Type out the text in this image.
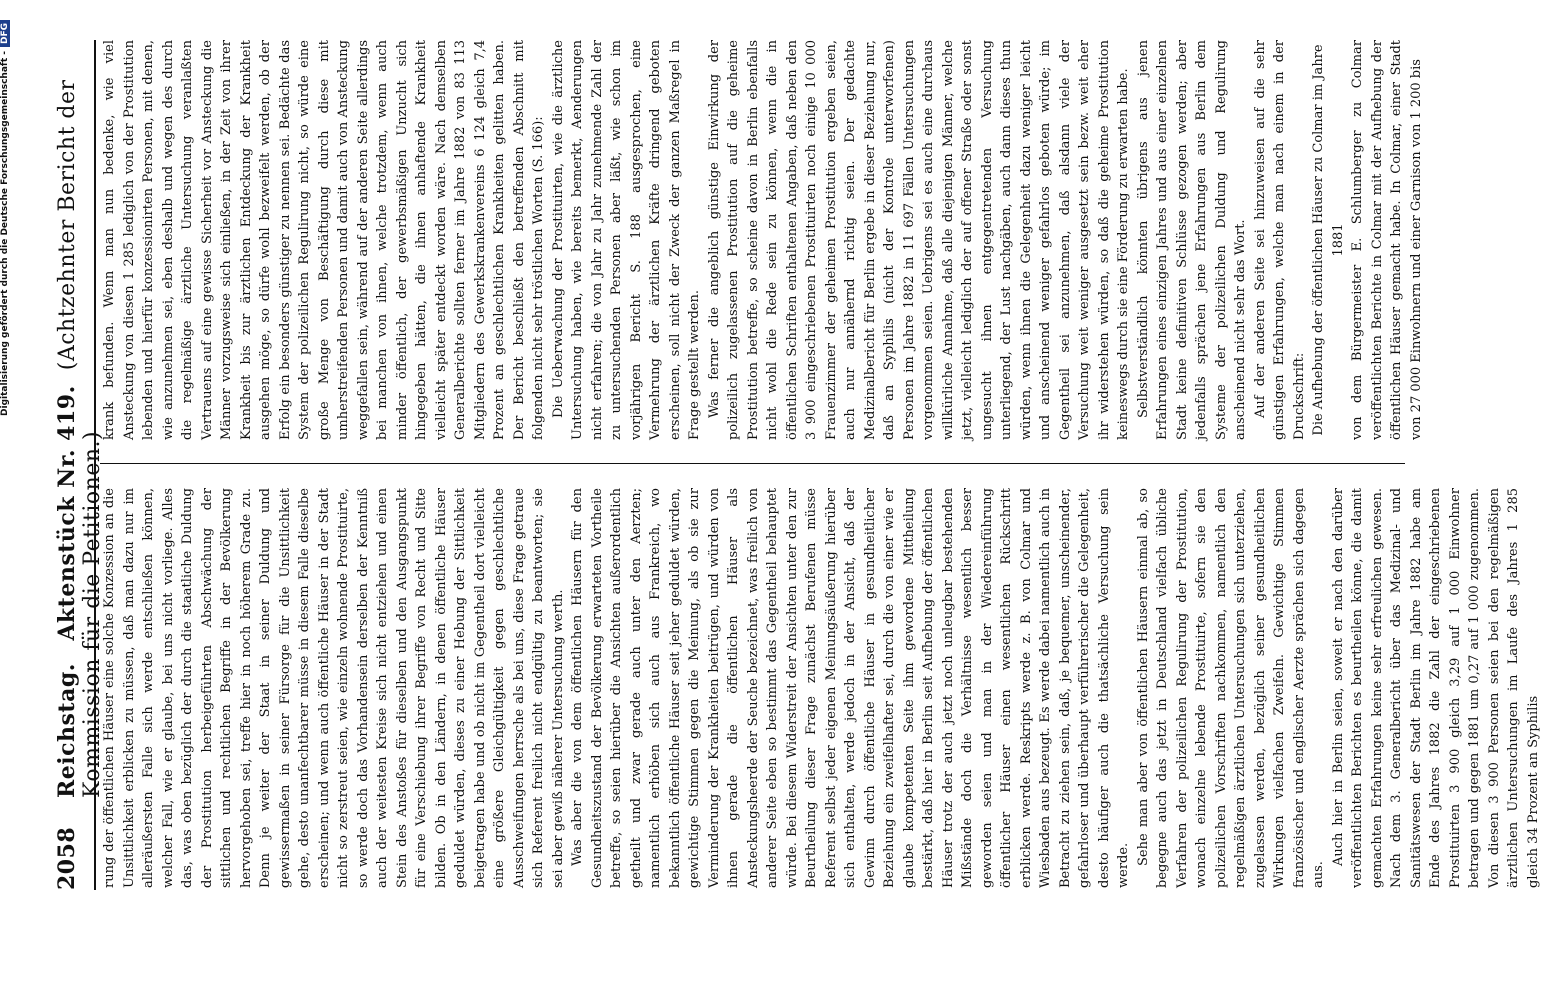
Digitalisierung gefördert durch die Deutsche Forschungsgemeinschaft -DFG
2058
Reichstag.   Aktenstück Nr. 419.  (Achtzehnter Bericht der Kommission für die Petitionen.)

rung der öffentlichen Häuser eine solche Konzession an die Unsittlichkeit erblicken zu müssen, daß man dazu nur im alleräußersten Falle sich werde entschließen können, welcher Fall, wie er glaube, bei uns nicht vorliege. Alles das, was oben bezüglich der durch die staatliche Duldung der Prostitution herbeigeführten Abschwächung der sittlichen und rechtlichen Begriffe in der Bevölkerung hervorgehoben sei, treffe hier in noch höherem Grade zu. Denn je weiter der Staat in seiner Duldung und gewissermaßen in seiner Fürsorge für die Unsittlichkeit gehe, desto unanfechtbarer müsse in diesem Falle dieselbe erscheinen; und wenn auch öffentliche Häuser in der Stadt nicht so zerstreut seien, wie einzeln wohnende Prostituirte, so werde doch das Vorhandensein derselben der Kenntniß auch der weitesten Kreise sich nicht entziehen und einen Stein des Anstoßes für dieselben und den Ausgangspunkt für eine Verschiebung ihrer Begriffe von Recht und Sitte bilden. Ob in den Ländern, in denen öffentliche Häuser geduldet würden, dieses zu einer Hebung der Sittlichkeit beigetragen habe und ob nicht im Gegentheil dort vielleicht eine größere Gleichgültigkeit gegen geschlechtliche Ausschweifungen herrsche als bei uns, diese Frage getraue sich Referent freilich nicht endgültig zu beantworten; sie sei aber gewiß näherer Untersuchung werth. Was aber die von dem öffentlichen Häusern für den Gesundheitszustand der Bevölkerung erwarteten Vortheile betreffe, so seien hierüber die Ansichten außerordentlich getheilt und zwar gerade auch unter den Aerzten; namentlich erhöben sich auch aus Frankreich, wo bekanntlich öffentliche Häuser seit jeher geduldet würden, gewichtige Stimmen gegen die Meinung, als ob sie zur Verminderung der Krankheiten beitrügen, und würden von ihnen gerade die öffentlichen Häuser als Ansteckungsheerde der Seuche bezeichnet, was freilich von anderer Seite eben so bestimmt das Gegentheil behauptet würde. Bei diesem Widerstreit der Ansichten unter den zur Beurtheilung dieser Frage zunächst Berufenen müsse Referent selbst jeder eigenen Meinungsäußerung hierüber sich enthalten, werde jedoch in der Ansicht, daß der Gewinn durch öffentliche Häuser in gesundheitlicher Beziehung ein zweifelhafter sei, durch die von einer wie er glaube kompetenten Seite ihm gewordene Mittheilung bestärkt, daß hier in Berlin seit Aufhebung der öffentlichen Häuser trotz der auch jetzt noch unleugbar bestehenden Mißstände doch die Verhältnisse wesentlich besser geworden seien und man in der Wiedereinführung öffentlicher Häuser einen wesentlichen Rückschritt erblicken werde. Reskripts werde z. B. von Colmar und Wiesbaden aus bezeugt. Es werde dabei namentlich auch in Betracht zu ziehen sein, daß, je bequemer, unscheinender, gefahrloser und überhaupt verführerischer die Gelegenheit, desto häufiger auch die thatsächliche Versuchung sein werde. Sehe man aber von öffentlichen Häusern einmal ab, so begegne auch das jetzt in Deutschland vielfach übliche Verfahren der polizeilichen Regulirung der Prostitution, wonach einzelne lebende Prostituirte, sofern sie den polizeilichen Vorschriften nachkommen, namentlich den regelmäßigen ärztlichen Untersuchungen sich unterziehen, zugelassen werden, bezüglich seiner gesundheitlichen Wirkungen vielfachen Zweifeln. Gewichtige Stimmen französischer und englischer Aerzte sprächen sich dagegen aus.

Auch hier in Berlin seien, soweit er nach den darüber veröffentlichten Berichten es beurtheilen könne, die damit gemachten Erfahrungen keine sehr erfreulichen gewesen. Nach dem 3. Generalbericht über das Medizinal- und Sanitätswesen der Stadt Berlin im Jahre 1882 habe am Ende des Jahres 1882 die Zahl der eingeschriebenen Prostituirten 3 900 gleich 3,29 auf 1 000 Einwohner betragen und gegen 1881 um 0,27 auf 1 000 zugenommen. Von diesen 3 900 Personen seien bei den regelmäßigen ärztlichen Untersuchungen im Laufe des Jahres 1 285 gleich 34 Prozent an Syphilis

krank befunden. Wenn man nun bedenke, wie viel Ansteckung von diesen 1 285 lediglich von der Prostitution lebenden und hierfür konzessionirten Personen, mit denen, wie anzunehmen sei, eben deshalb und wegen des durch die regelmäßige ärztliche Untersuchung veranlaßten Vertrauens auf eine gewisse Sicherheit vor Ansteckung die Männer vorzugsweise sich einließen, in der Zeit von ihrer Krankheit bis zur ärztlichen Entdeckung der Krankheit ausgehen möge, so dürfe wohl bezweifelt werden, ob der Erfolg ein besonders günstiger zu nennen sei. Bedächte das System der polizeilichen Regulirung nicht, so würde eine große Menge von Beschäftigung durch diese mit umherstreifenden Personen und damit auch von Ansteckung weggefallen sein, während auf der anderen Seite allerdings bei manchen von ihnen, welche trotzdem, wenn auch minder öffentlich, der gewerbsmäßigen Unzucht sich hingegeben hätten, die ihnen anhaftende Krankheit vielleicht später entdeckt worden wäre. Nach demselben Generalberichte sollten ferner im Jahre 1882 von 83 113 Mitgliedern des Gewerkskrankenvereins 6 124 gleich 7,4 Prozent an geschlechtlichen Krankheiten gelitten haben. Der Bericht beschließt den betreffenden Abschnitt mit folgenden nicht sehr tröstlichen Worten (S. 166): Die Ueberwachung der Prostituirten, wie die ärztliche Untersuchung haben, wie bereits bemerkt, Aenderungen nicht erfahren; die von Jahr zu Jahr zunehmende Zahl der zu untersuchenden Personen aber läßt, wie schon im vorjährigen Bericht S. 188 ausgesprochen, eine Vermehrung der ärztlichen Kräfte dringend geboten erscheinen, soll nicht der Zweck der ganzen Maßregel in Frage gestellt werden. Was ferner die angeblich günstige Einwirkung der polizeilich zugelassenen Prostitution auf die geheime Prostitution betreffe, so scheine davon in Berlin ebenfalls nicht wohl die Rede sein zu können, wenn die in öffentlichen Schriften enthaltenen Angaben, daß neben den 3 900 eingeschriebenen Prostituirten noch einige 10 000 Frauenzimmer der geheimen Prostitution ergeben seien, auch nur annähernd richtig seien. Der gedachte Medizinalbericht für Berlin ergebe in dieser Beziehung nur, daß an Syphilis (nicht der Kontrole unterworfenen) Personen im Jahre 1882 in 11 697 Fällen Untersuchungen vorgenommen seien. Uebrigens sei es auch eine durchaus willkürliche Annahme, daß alle diejenigen Männer, welche jetzt, vielleicht lediglich der auf offener Straße oder sonst ungesucht ihnen entgegentretenden Versuchung unterliegend, der Lust nachgäben, auch dann dieses thun würden, wenn ihnen die Gelegenheit dazu weniger leicht und anscheinend weniger gefahrlos geboten würde; im Gegentheil sei anzunehmen, daß alsdann viele der Versuchung weit weniger ausgesetzt sein bezw. weit eher ihr widerstehen würden, so daß die geheime Prostitution keineswegs durch sie eine Förderung zu erwarten habe. Selbstverständlich könnten übrigens aus jenen Erfahrungen eines einzigen Jahres und aus einer einzelnen Stadt keine definitiven Schlüsse gezogen werden; aber jedenfalls sprächen jene Erfahrungen aus Berlin dem Systeme der polizeilichen Duldung und Regulirung anscheinend nicht sehr das Wort. Auf der anderen Seite sei hinzuweisen auf die sehr günstigen Erfahrungen, welche man nach einem in der Druckschrift: Die Aufhebung der öffentlichen Häuser zu Colmar im Jahre 1881 von dem Bürgermeister E. Schlumberger zu Colmar veröffentlichten Berichte in Colmar mit der Aufhebung der öffentlichen Häuser gemacht habe. In Colmar, einer Stadt von 27 000 Einwohnern und einer Garnison von 1 200 bis
